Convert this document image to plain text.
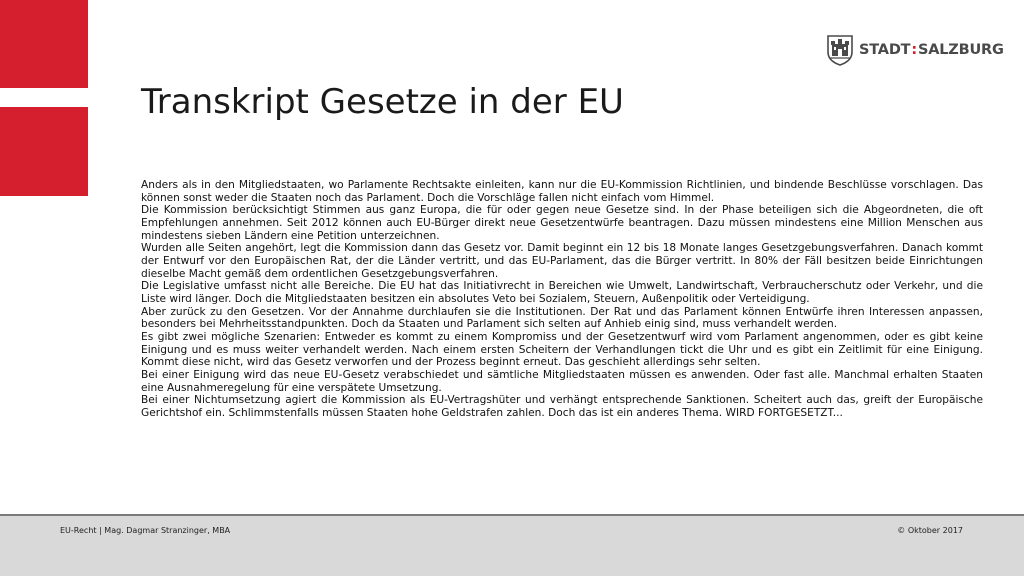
STADT:SALZBURG
Transkript Gesetze in der EU

Anders als in den Mitgliedstaaten, wo Parlamente Rechtsakte einleiten, kann nur die EU-Kommission Richtlinien, und bindende Beschlüsse vorschlagen. Das können sonst weder die Staaten noch das Parlament. Doch die Vorschläge fallen nicht einfach vom Himmel.

Die Kommission berücksichtigt Stimmen aus ganz Europa, die für oder gegen neue Gesetze sind. In der Phase beteiligen sich die Abgeordneten, die oft Empfehlungen annehmen. Seit 2012 können auch EU-Bürger direkt neue Gesetzentwürfe beantragen. Dazu müssen mindestens eine Million Menschen aus mindestens sieben Ländern eine Petition unterzeichnen.

Wurden alle Seiten angehört, legt die Kommission dann das Gesetz vor. Damit beginnt ein 12 bis 18 Monate langes Gesetzgebungsverfahren. Danach kommt der Entwurf vor den Europäischen Rat, der die Länder vertritt, und das EU-Parlament, das die Bürger vertritt. In 80% der Fäll besitzen beide Einrichtungen dieselbe Macht gemäß dem ordentlichen Gesetzgebungsverfahren.

Die Legislative umfasst nicht alle Bereiche. Die EU hat das Initiativrecht in Bereichen wie Umwelt, Landwirtschaft, Verbraucherschutz oder Verkehr, und die Liste wird länger. Doch die Mitgliedstaaten besitzen ein absolutes Veto bei Sozialem, Steuern, Außenpolitik oder Verteidigung.

Aber zurück zu den Gesetzen. Vor der Annahme durchlaufen sie die Institutionen. Der Rat und das Parlament können Entwürfe ihren Interessen anpassen, besonders bei Mehrheitsstandpunkten. Doch da Staaten und Parlament sich selten auf Anhieb einig sind, muss verhandelt werden.

Es gibt zwei mögliche Szenarien: Entweder es kommt zu einem Kompromiss und der Gesetzentwurf wird vom Parlament angenommen, oder es gibt keine Einigung und es muss weiter verhandelt werden. Nach einem ersten Scheitern der Verhandlungen tickt die Uhr und es gibt ein Zeitlimit für eine Einigung. Kommt diese nicht, wird das Gesetz verworfen und der Prozess beginnt erneut. Das geschieht allerdings sehr selten.

Bei einer Einigung wird das neue EU-Gesetz verabschiedet und sämtliche Mitgliedstaaten müssen es anwenden. Oder fast alle. Manchmal erhalten Staaten eine Ausnahmeregelung für eine verspätete Umsetzung.

Bei einer Nichtumsetzung agiert die Kommission als EU-Vertragshüter und verhängt entsprechende Sanktionen. Scheitert auch das, greift der Europäische Gerichtshof ein. Schlimmstenfalls müssen Staaten hohe Geldstrafen zahlen. Doch das ist ein anderes Thema. WIRD FORTGESETZT...

EU-Recht | Mag. Dagmar Stranzinger, MBA	© Oktober 2017
